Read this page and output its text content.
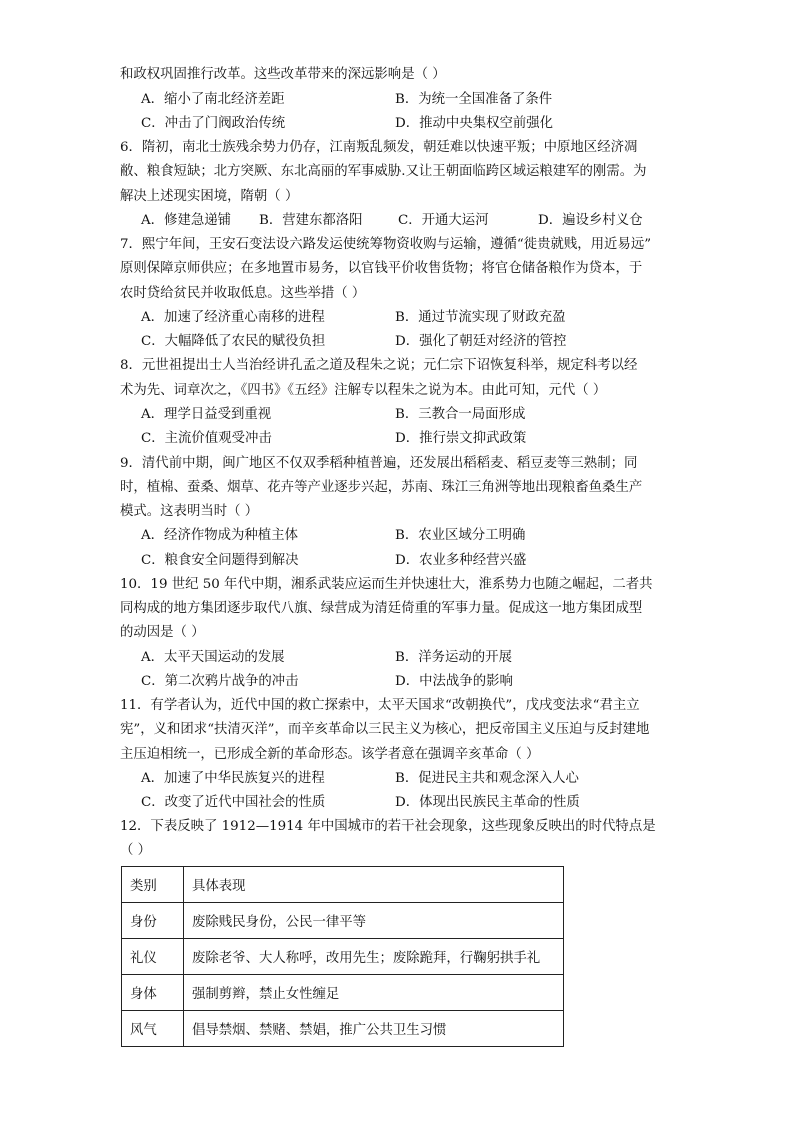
和政权巩固推行改革。这些改革带来的深远影响是（ ）
A．缩小了南北经济差距	B．为统一全国准备了条件
C．冲击了门阀政治传统	D．推动中央集权空前强化
6．隋初，南北士族残余势力仍存，江南叛乱频发，朝廷难以快速平叛；中原地区经济凋
敝、粮食短缺；北方突厥、东北高丽的军事威胁.又让王朝面临跨区域运粮建军的刚需。为
解决上述现实困境，隋朝（ ）
A．修建急递铺 B．营建东都洛阳	C．开通大运河	D．遍设乡村义仓
7．熙宁年间，王安石变法设六路发运使统筹物资收购与运输，遵循“徙贵就贱，用近易远”
原则保障京师供应；在多地置市易务，以官钱平价收售货物；将官仓储备粮作为贷本，于
农时贷给贫民并收取低息。这些举措（ ）
A．加速了经济重心南移的进程	B．通过节流实现了财政充盈
C．大幅降低了农民的赋役负担	D．强化了朝廷对经济的管控
8．元世祖提出士人当治经讲孔孟之道及程朱之说；元仁宗下诏恢复科举，规定科考以经
术为先、词章次之，《四书》《五经》注解专以程朱之说为本。由此可知，元代（ ）
A．理学日益受到重视	B．三教合一局面形成
C．主流价值观受冲击	D．推行崇文抑武政策
9．清代前中期，闽广地区不仅双季稻种植普遍，还发展出稻稻麦、稻豆麦等三熟制；同
时，植棉、蚕桑、烟草、花卉等产业逐步兴起，苏南、珠江三角洲等地出现粮畜鱼桑生产
模式。这表明当时（ ）
A．经济作物成为种植主体	B．农业区域分工明确
C．粮食安全问题得到解决	D．农业多种经营兴盛
10．19 世纪 50 年代中期，湘系武装应运而生并快速壮大，淮系势力也随之崛起，二者共
同构成的地方集团逐步取代八旗、绿营成为清廷倚重的军事力量。促成这一地方集团成型
的动因是（ ）
A．太平天国运动的发展	B．洋务运动的开展
C．第二次鸦片战争的冲击	D．中法战争的影响
11．有学者认为，近代中国的救亡探索中，太平天国求“改朝换代”，戊戌变法求“君主立
宪”，义和团求“扶清灭洋”，而辛亥革命以三民主义为核心，把反帝国主义压迫与反封建地
主压迫相统一，已形成全新的革命形态。该学者意在强调辛亥革命（ ）
A．加速了中华民族复兴的进程	B．促进民主共和观念深入人心
C．改变了近代中国社会的性质	D．体现出民族民主革命的性质
12．下表反映了 1912—1914 年中国城市的若干社会现象，这些现象反映出的时代特点是
（ ）
类别	具体表现
身份	废除贱民身份，公民一律平等
礼仪	废除老爷、大人称呼，改用先生；废除跪拜，行鞠躬拱手礼
身体	强制剪辫，禁止女性缠足
风气	倡导禁烟、禁赌、禁娼，推广公共卫生习惯
